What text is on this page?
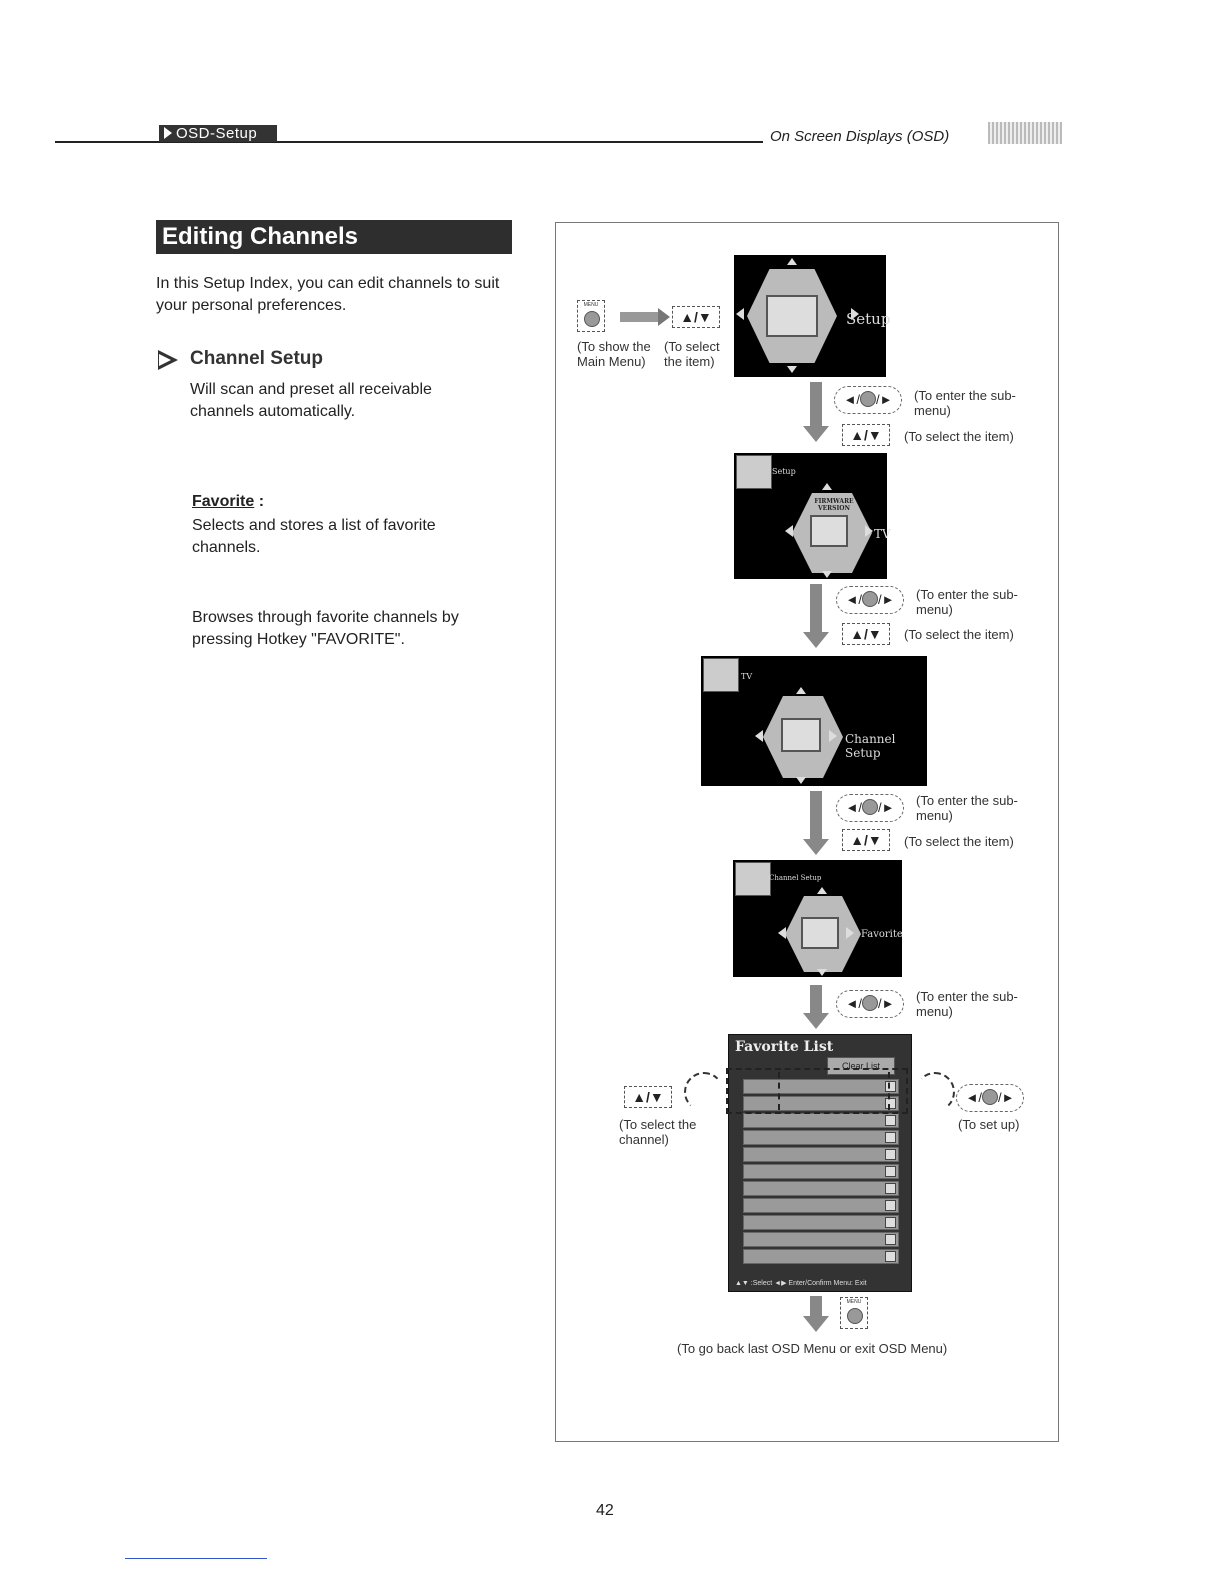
OSD-Setup	On Screen Displays (OSD)
Editing Channels
In this Setup Index, you can edit channels to suit your personal preferences.
Channel Setup
Will scan and preset all receivable channels automatically.
Favorite :
Selects and stores a list of favorite channels.
Browses through favorite channels by pressing Hotkey "FAVORITE".
MENU
▲/▼
(To show the Main Menu)
(To select the item)
Setup
◄/ /►	(To enter the sub-menu)
▲/▼	(To select the item)
Setup
FIRMWARE VERSION
TV
◄/ /►	(To enter the sub-menu)
▲/▼	(To select the item)
TV
Channel Setup
◄/ /►	(To enter the sub-menu)
▲/▼	(To select the item)
Channel Setup
Favorite
◄/ /►	(To enter the sub-menu)
Favorite List
Clear List
▲▼ :Select ◄▶ Enter/Confirm Menu: Exit
▲/▼
(To select the channel)
◄/ /►
(To set up)
MENU
(To go back last OSD Menu or exit OSD Menu)
42
